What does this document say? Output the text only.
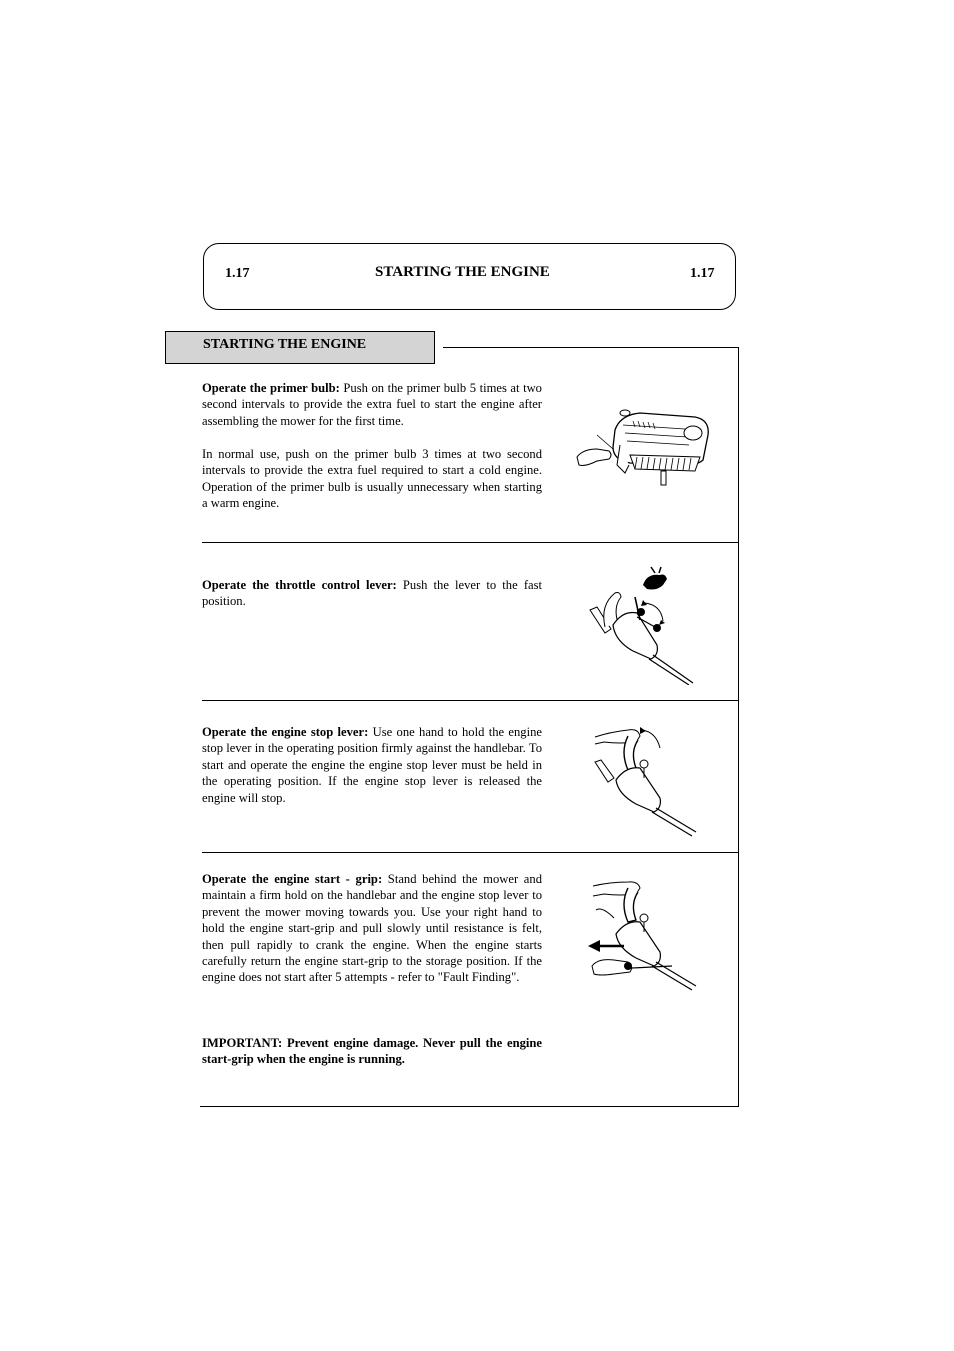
1.17	STARTING THE ENGINE	1.17
STARTING THE ENGINE

Operate the primer bulb: Push on the primer bulb 5 times at two second intervals to provide the extra fuel to start the engine after assembling the mower for the first time.

In normal use, push on the primer bulb 3 times at two second intervals to provide the extra fuel required to start a cold engine. Operation of the primer bulb is usually unnecessary when starting a warm engine.

Operate the throttle control lever: Push the lever to the fast position.

Operate the engine stop lever: Use one hand to hold the engine stop lever in the operating position firmly against the handlebar. To start and operate the engine the engine stop lever must be held in the operating position. If the engine stop lever is released the engine will stop.

Operate the engine start - grip: Stand behind the mower and maintain a firm hold on the handlebar and the engine stop lever to prevent the mower moving towards you. Use your right hand to hold the engine start-grip and pull slowly until resistance is felt, then pull rapidly to crank the engine. When the engine starts carefully return the engine start-grip to the storage position. If the engine does not start after 5 attempts - refer to "Fault Finding".

IMPORTANT: Prevent engine damage. Never pull the engine start-grip when the engine is running.
